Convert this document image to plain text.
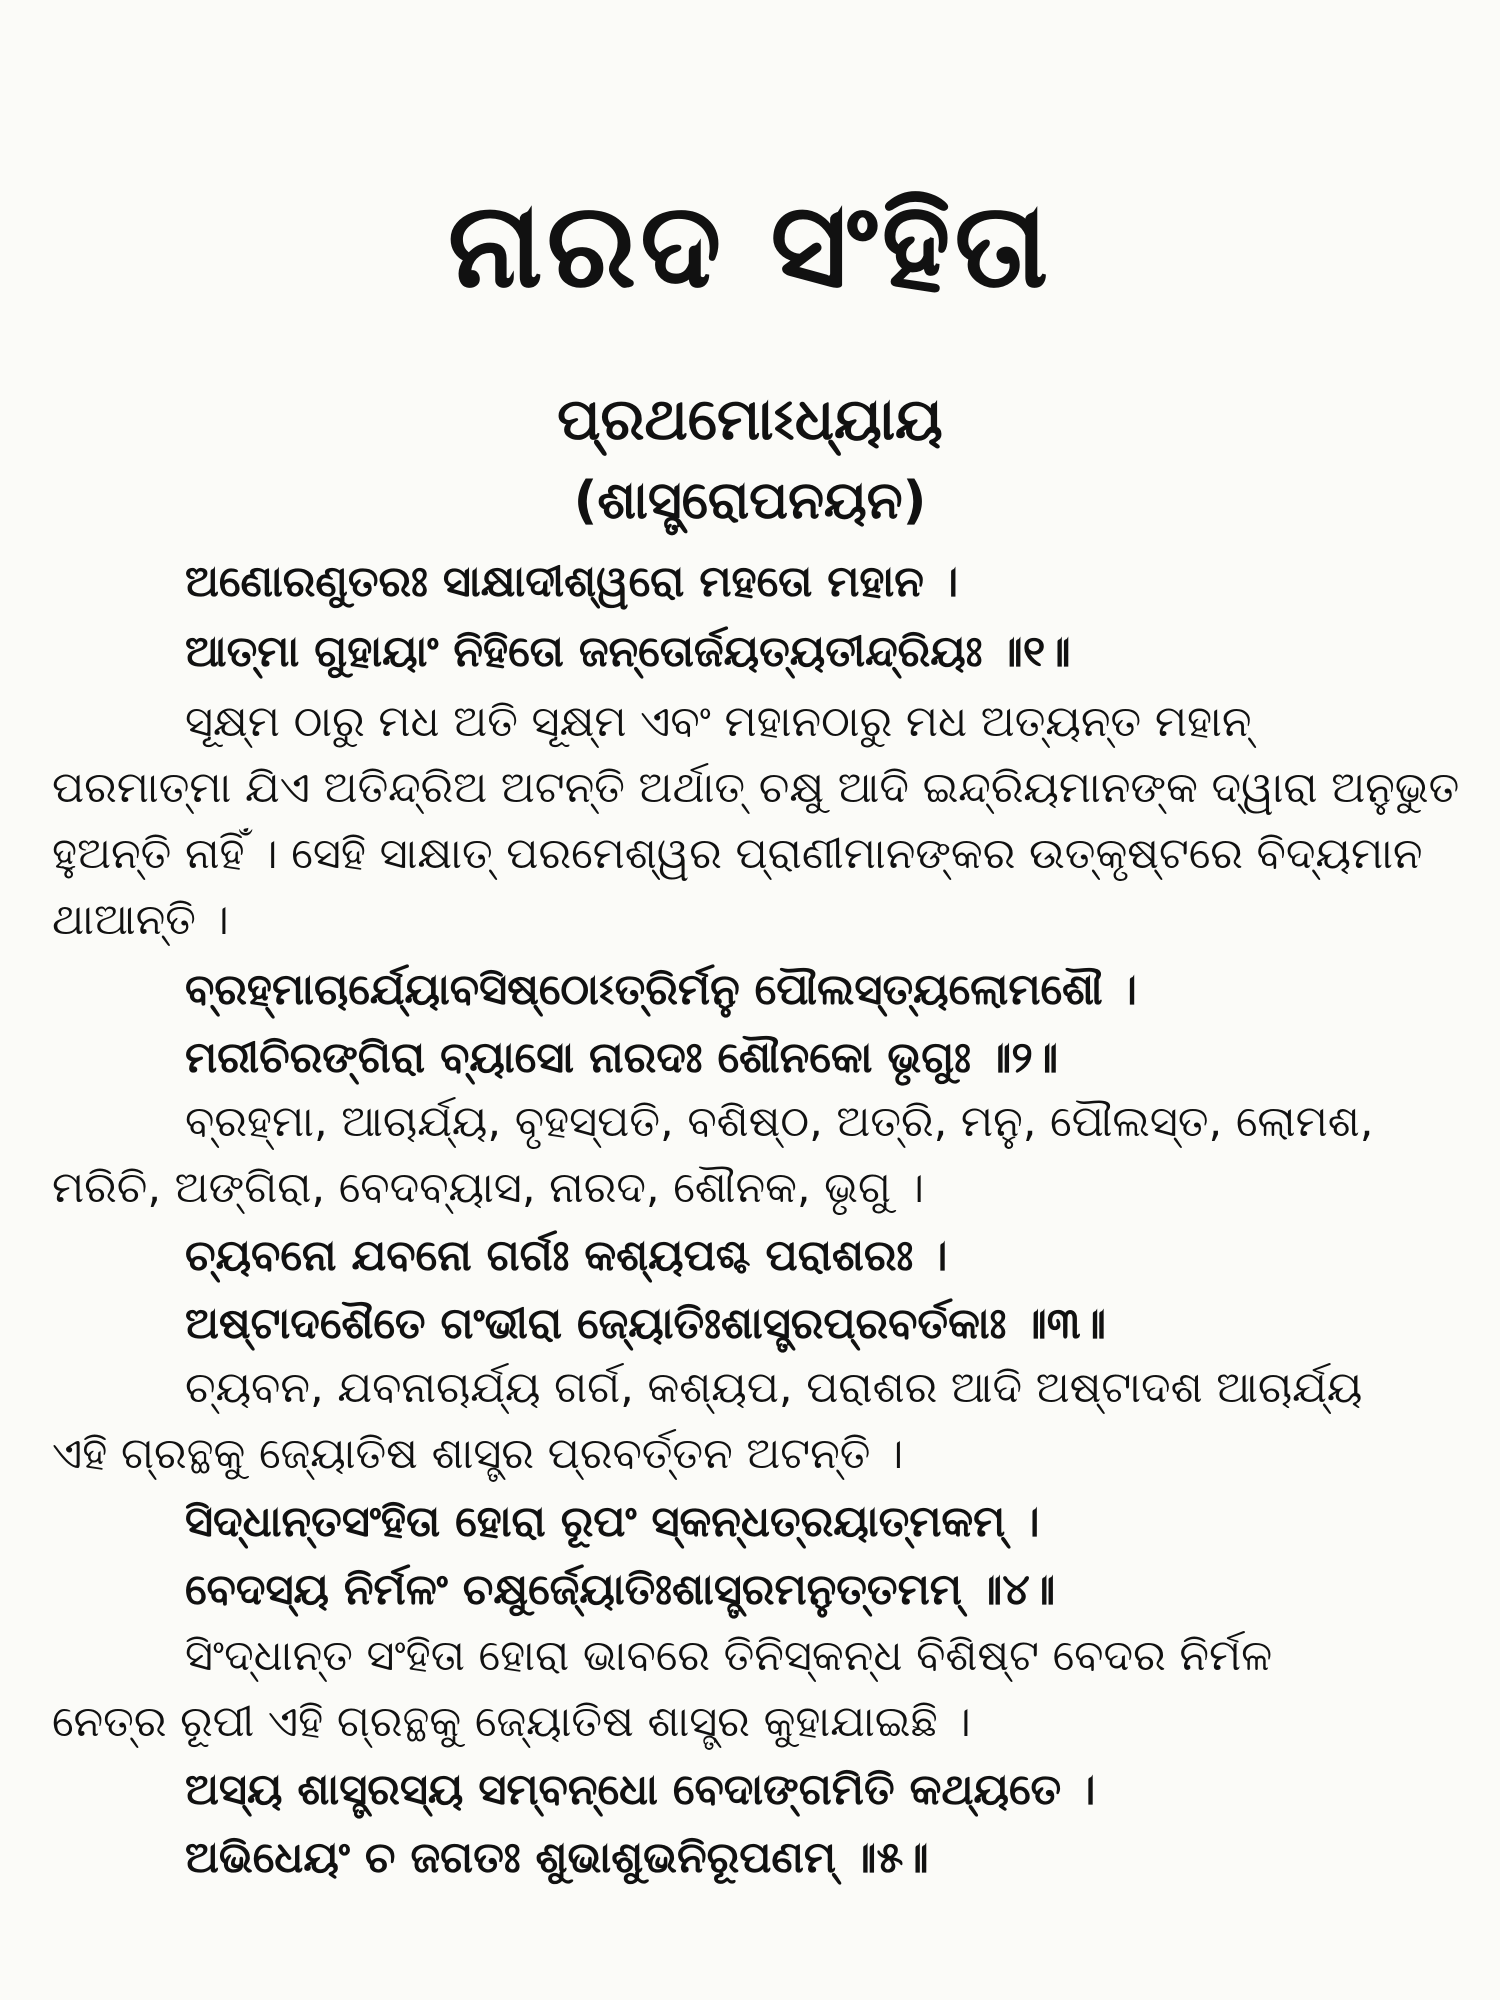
ନାରଦ ସଂହିତା
ପ୍ରଥମୋଽଧ୍ୟାୟ
(ଶାସ୍ତ୍ରୋପନୟନ)
ଅଣୋରଣୁତରଃ ସାକ୍ଷାଦୀଶ୍ୱରୋ ମହତୋ ମହାନ ।
ଆତ୍ମା ଗୁହାୟାଂ ନିହିତୋ ଜନ୍ତୋର୍ଜୟତ୍ୟତୀନ୍ଦ୍ରିୟଃ ॥୧॥
ସୂକ୍ଷ୍ମ ଠାରୁ ମଧ ଅତି ସୂକ୍ଷ୍ମ ଏବଂ ମହାନଠାରୁ ମଧ ଅତ୍ୟନ୍ତ ମହାନ୍
ପରମାତ୍ମା ଯିଏ ଅତିନ୍ଦ୍ରିଅ ଅଟନ୍ତି ଅର୍ଥାତ୍ ଚକ୍ଷୁ ଆଦି ଇନ୍ଦ୍ରିୟମାନଙ୍କ ଦ୍ୱାରା ଅନୁଭୁତ
ହୁଅନ୍ତି ନାହିଁ । ସେହି ସାକ୍ଷାତ୍ ପରମେଶ୍ୱର ପ୍ରାଣୀମାନଙ୍କର ଉତ୍କୃଷ୍ଟରେ ବିଦ୍ୟମାନ
ଥାଆନ୍ତି ।
ବ୍ରହ୍ମାଚାର୍ଯ୍ୟୋବସିଷ୍ଠୋଽତ୍ରିର୍ମନୁ ପୌଲସ୍ତ୍ୟଲୋମଶୌ ।
ମରୀଚିରଙ୍ଗିରା ବ୍ୟାସୋ ନାରଦଃ ଶୌନକୋ ଭୃଗୁଃ ॥୨॥
ବ୍ରହ୍ମା, ଆଚାର୍ଯ୍ୟ, ବୃହସ୍ପତି, ବଶିଷ୍ଠ, ଅତ୍ରି, ମନୁ, ପୌଲସ୍ତ, ଲୋମଶ,
ମରିଚି, ଅଙ୍ଗିରା, ବେଦବ୍ୟାସ, ନାରଦ, ଶୌନକ, ଭୃଗୁ ।
ଚ୍ୟବନୋ ଯବନୋ ଗର୍ଗଃ କଶ୍ୟପଶ୍ଚ ପରାଶରଃ ।
ଅଷ୍ଟାଦଶୈତେ ଗଂଭୀରା ଜ୍ୟୋତିଃଶାସ୍ତ୍ରପ୍ରବର୍ତକାଃ ॥୩॥
ଚ୍ୟବନ, ଯବନାଚାର୍ଯ୍ୟ ଗର୍ଗ, କଶ୍ୟପ, ପରାଶର ଆଦି ଅଷ୍ଟାଦଶ ଆଚାର୍ଯ୍ୟ
ଏହି ଗ୍ରନ୍ଥକୁ ଜ୍ୟୋତିଷ ଶାସ୍ତ୍ର ପ୍ରବର୍ତ୍ତନ ଅଟନ୍ତି ।
ସିଦ୍ଧାନ୍ତସଂହିତା ହୋରା ରୂପଂ ସ୍କନ୍ଧତ୍ରୟାତ୍ମକମ୍ ।
ବେଦସ୍ୟ ନିର୍ମଳଂ ଚକ୍ଷୁର୍ଜ୍ୟୋତିଃଶାସ୍ତ୍ରମନୁତ୍ତମମ୍ ॥୪॥
ସିଂଦ୍ଧାନ୍ତ ସଂହିତା ହୋରା ଭାବରେ ତିନିସ୍କନ୍ଧ ବିଶିଷ୍ଟ ବେଦର ନିର୍ମଳ
ନେତ୍ର ରୂପୀ ଏହି ଗ୍ରନ୍ଥକୁ ଜ୍ୟୋତିଷ ଶାସ୍ତ୍ର କୁହାଯାଇଛି ।
ଅସ୍ୟ ଶାସ୍ତ୍ରସ୍ୟ ସମ୍ବନ୍ଧୋ ବେଦାଙ୍ଗମିତି କଥ୍ୟତେ ।
ଅଭିଧେୟଂ ଚ ଜଗତଃ ଶୁଭାଶୁଭନିରୂପଣମ୍ ॥୫॥
